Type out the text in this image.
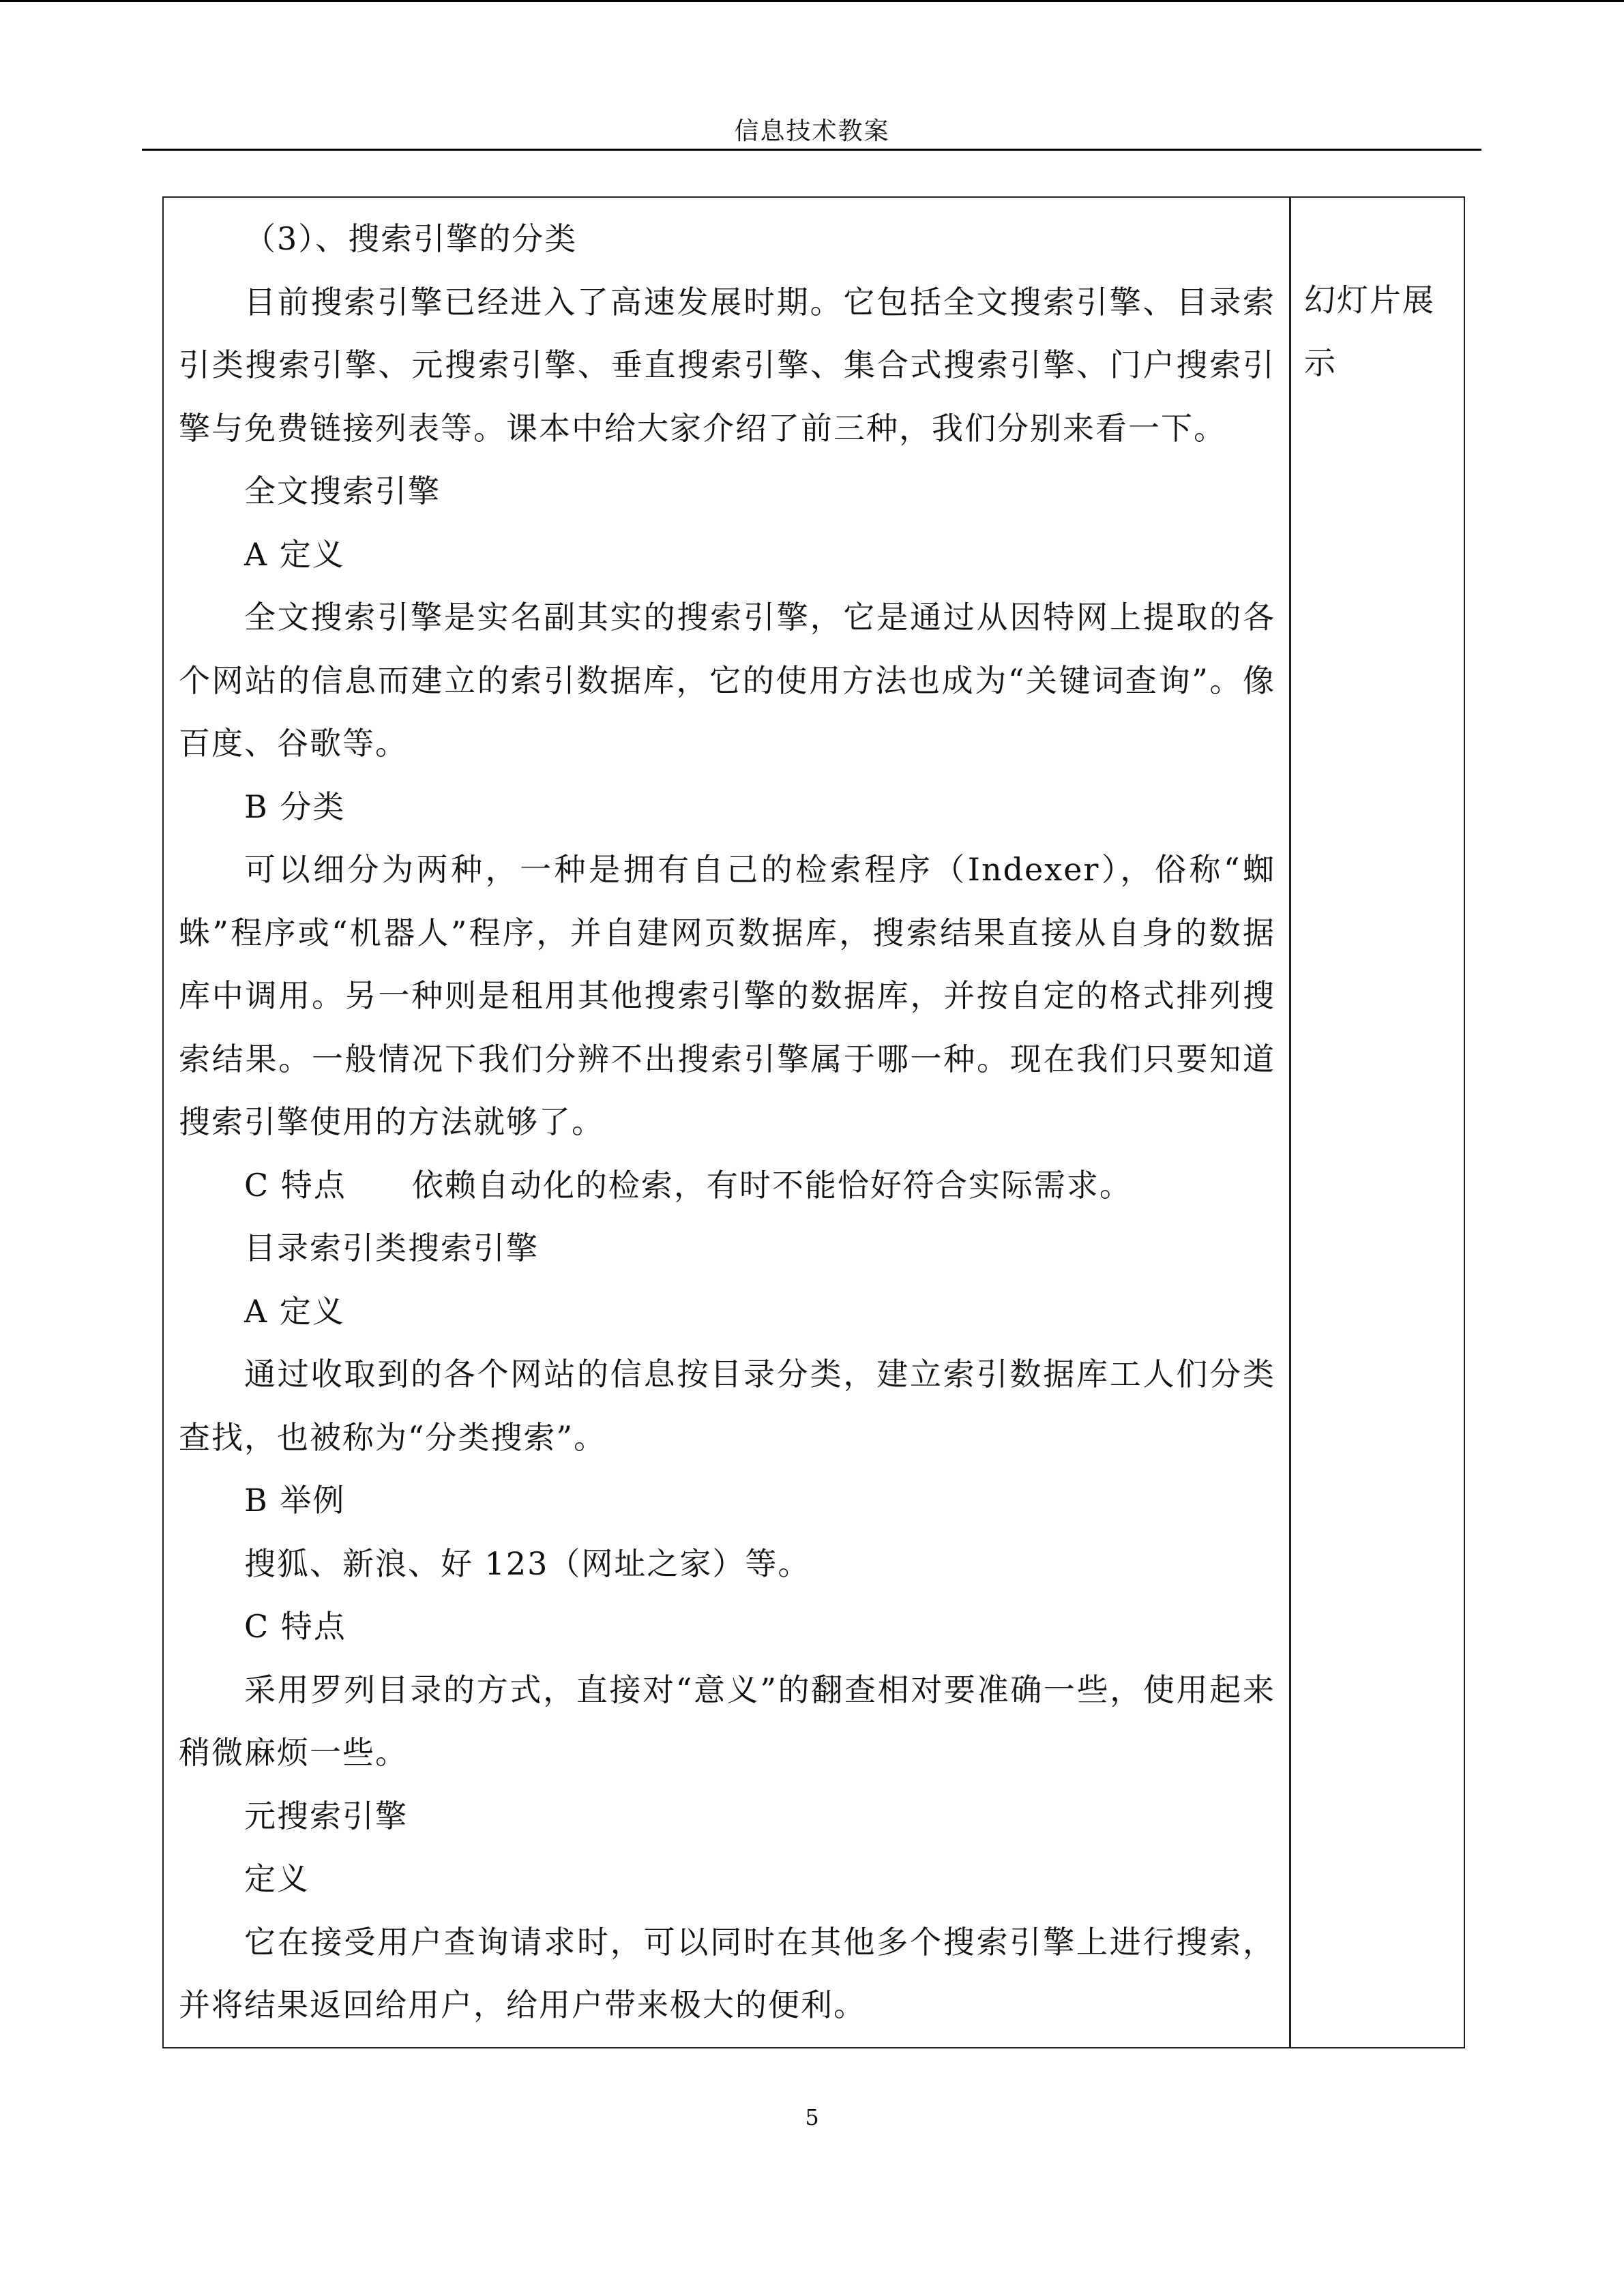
信息技术教案

（3）、搜索引擎的分类

目前搜索引擎已经进入了高速发展时期。它包括全文搜索引擎、目录索引类搜索引擎、元搜索引擎、垂直搜索引擎、集合式搜索引擎、门户搜索引擎与免费链接列表等。课本中给大家介绍了前三种，我们分别来看一下。

全文搜索引擎

A 定义

全文搜索引擎是实名副其实的搜索引擎，它是通过从因特网上提取的各个网站的信息而建立的索引数据库，它的使用方法也成为“关键词查询”。像百度、谷歌等。

B 分类

可以细分为两种，一种是拥有自己的检索程序（Indexer），俗称“蜘蛛”程序或“机器人”程序，并自建网页数据库，搜索结果直接从自身的数据库中调用。另一种则是租用其他搜索引擎的数据库，并按自定的格式排列搜索结果。一般情况下我们分辨不出搜索引擎属于哪一种。现在我们只要知道搜索引擎使用的方法就够了。

C 特点　　依赖自动化的检索，有时不能恰好符合实际需求。

目录索引类搜索引擎

A 定义

通过收取到的各个网站的信息按目录分类，建立索引数据库工人们分类查找，也被称为“分类搜索”。

B 举例

搜狐、新浪、好 123（网址之家）等。

C 特点

采用罗列目录的方式，直接对“意义”的翻查相对要准确一些，使用起来稍微麻烦一些。

元搜索引擎

定义

它在接受用户查询请求时，可以同时在其他多个搜索引擎上进行搜索，并将结果返回给用户，给用户带来极大的便利。

幻灯片展示
5
